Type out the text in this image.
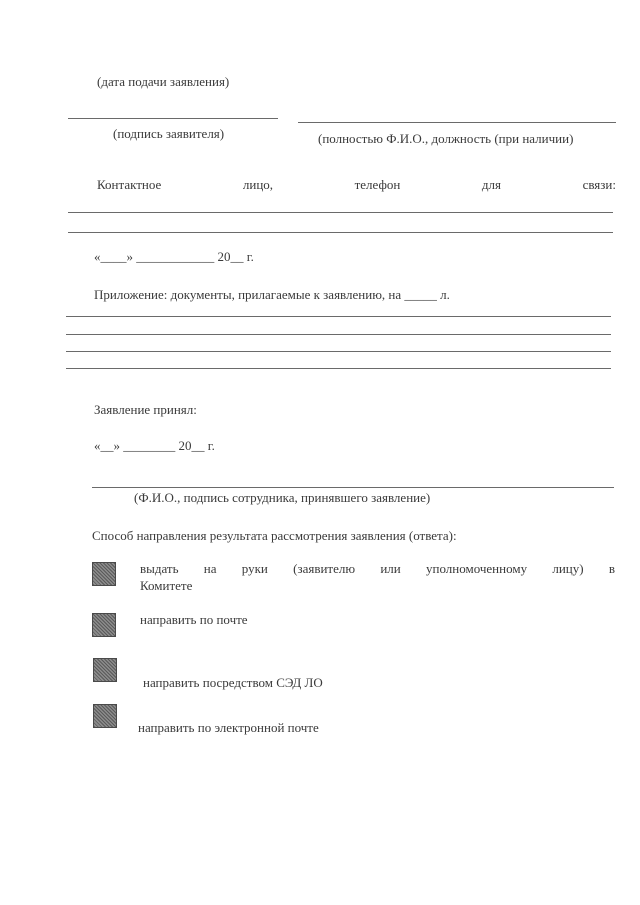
(дата подачи заявления)
(подпись заявителя)	(полностью Ф.И.О., должность (при наличии)
Контактное	лицо,	телефон	для	связи:
«____» ____________ 20__ г.
Приложение: документы, прилагаемые к заявлению, на _____ л.
Заявление принял:
«__» ________ 20__ г.
(Ф.И.О., подпись сотрудника, принявшего заявление)
Способ направления результата рассмотрения заявления (ответа):
выдать на руки (заявителю или уполномоченному лицу) в
Комитете
направить по почте
направить посредством СЭД ЛО
направить по электронной почте
